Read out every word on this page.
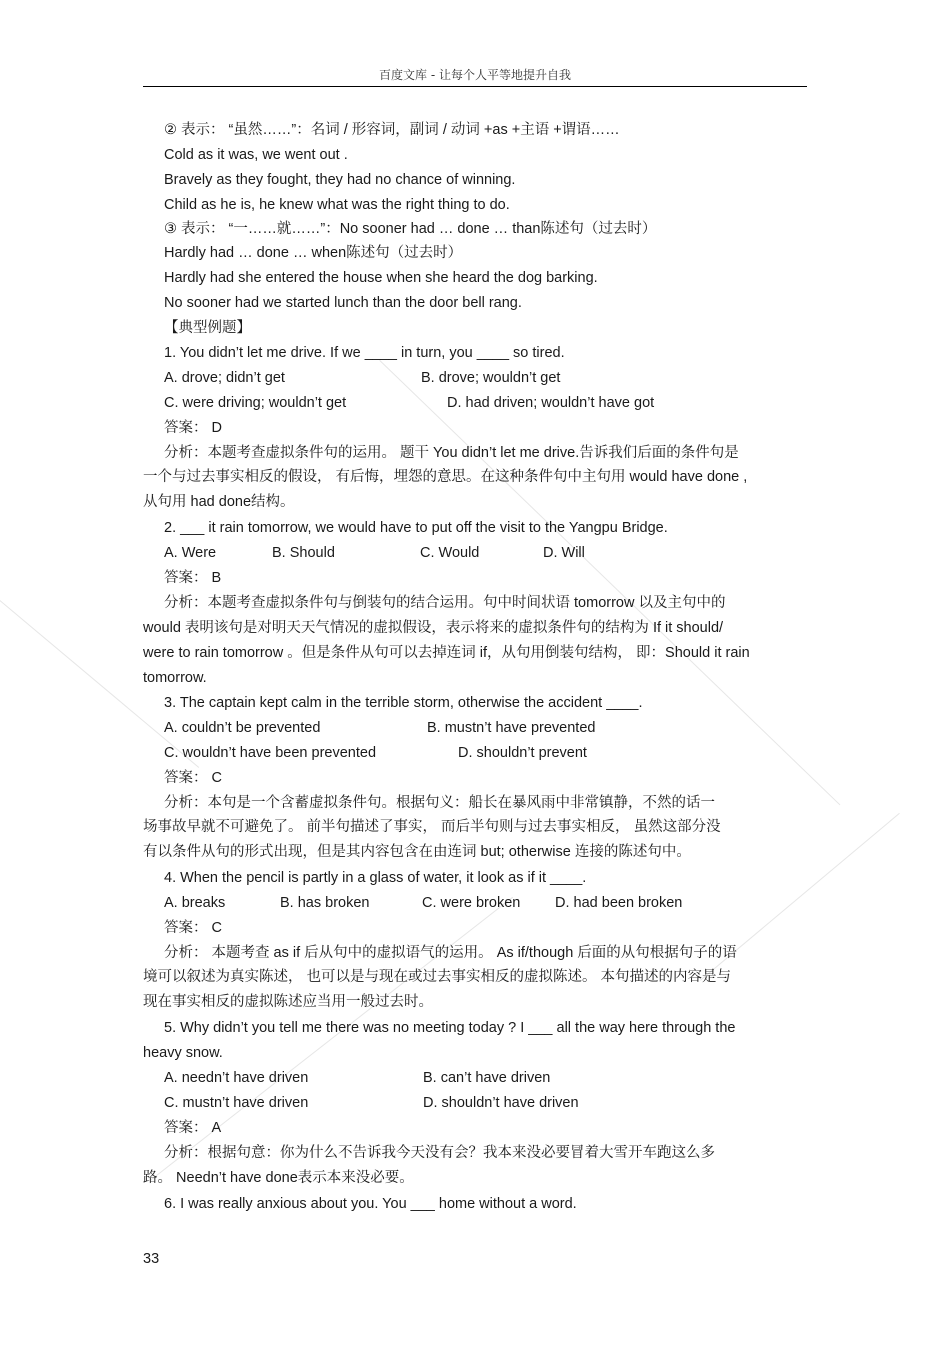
百度文库 - 让每个人平等地提升自我
② 表示： “虽然……”：名词 / 形容词，副词 / 动词 +as +主语 +谓语……
Cold as it was, we went out .
Bravely as they fought, they had no chance of winning.
Child as he is, he knew what was the right thing to do.
③ 表示： “一……就……”：No sooner had … done … than陈述句（过去时）
Hardly had … done … when陈述句（过去时）
Hardly had she entered the house when she heard the dog barking.
No sooner had we started lunch than the door bell rang.
【典型例题】
1. You didn’t let me drive. If we ____ in turn, you ____ so tired.
A. drove; didn’t get	B. drove; wouldn’t get
C. were driving; wouldn’t get	D. had driven; wouldn’t have got
答案： D
分析：本题考查虚拟条件句的运用。 题干 You didn’t let me drive.告诉我们后面的条件句是
一个与过去事实相反的假设， 有后悔，埋怨的意思。在这种条件句中主句用 would have done ,
从句用 had done结构。
2. ___ it rain tomorrow, we would have to put off the visit to the Yangpu Bridge.
A. Were	B. Should	C. Would	D. Will
答案： B
分析：本题考查虚拟条件句与倒装句的结合运用。句中时间状语 tomorrow 以及主句中的
would 表明该句是对明天天气情况的虚拟假设，表示将来的虚拟条件句的结构为 If it should/
were to rain tomorrow 。但是条件从句可以去掉连词 if，从句用倒装句结构， 即：Should it rain
tomorrow.
3. The captain kept calm in the terrible storm, otherwise the accident ____.
A. couldn’t be prevented	B. mustn’t have prevented
C. wouldn’t have been prevented	D. shouldn’t prevent
答案： C
分析：本句是一个含蓄虚拟条件句。根据句义：船长在暴风雨中非常镇静，不然的话一
场事故早就不可避免了。 前半句描述了事实， 而后半句则与过去事实相反， 虽然这部分没
有以条件从句的形式出现，但是其内容包含在由连词 but; otherwise 连接的陈述句中。
4. When the pencil is partly in a glass of water, it look as if it ____.
A. breaks	B. has broken	C. were broken	D. had been broken
答案： C
分析： 本题考查 as if 后从句中的虚拟语气的运用。 As if/though 后面的从句根据句子的语
境可以叙述为真实陈述， 也可以是与现在或过去事实相反的虚拟陈述。 本句描述的内容是与
现在事实相反的虚拟陈述应当用一般过去时。
5. Why didn’t you tell me there was no meeting today ? I ___ all the way here through the
heavy snow.
A. needn’t have driven	B. can’t have driven
C. mustn’t have driven	D. shouldn’t have driven
答案： A
分析：根据句意：你为什么不告诉我今天没有会？我本来没必要冒着大雪开车跑这么多
路。 Needn’t have done表示本来没必要。
6. I was really anxious about you. You ___ home without a word.
33
